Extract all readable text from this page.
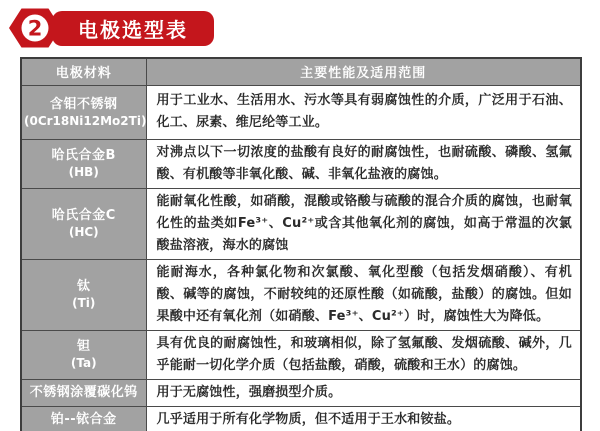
2 电极选型表
电极材料	主要性能及适用范围

含钼不锈钢
(0Cr18Ni12Mo2Ti)	用于工业水、生活用水、污水等具有弱腐蚀性的介质，广泛用于石油、化工、尿素、维尼纶等工业。

哈氏合金B
(HB)	对沸点以下一切浓度的盐酸有良好的耐腐蚀性，也耐硫酸、磷酸、氢氟酸、有机酸等非氧化酸、碱、非氧化盐液的腐蚀。

哈氏合金C
(HC)	能耐氧化性酸，如硝酸，混酸或铬酸与硫酸的混合介质的腐蚀，也耐氧化性的盐类如Fe³⁺、Cu²⁺或含其他氧化剂的腐蚀，如高于常温的次氯酸盐溶液，海水的腐蚀

钛
(Ti)	能耐海水，各种氯化物和次氯酸、氧化型酸（包括发烟硝酸）、有机酸、碱等的腐蚀，不耐较纯的还原性酸（如硫酸，盐酸）的腐蚀。但如果酸中还有氧化剂（如硝酸、Fe³⁺、Cu²⁺）时，腐蚀性大为降低。

钽
(Ta)	具有优良的耐腐蚀性，和玻璃相似，除了氢氟酸、发烟硫酸、碱外，几乎能耐一切化学介质（包括盐酸，硝酸，硫酸和王水）的腐蚀。

不锈钢涂覆碳化钨	用于无腐蚀性，强磨损型介质。

铂--铱合金	几乎适用于所有化学物质，但不适用于王水和铵盐。
